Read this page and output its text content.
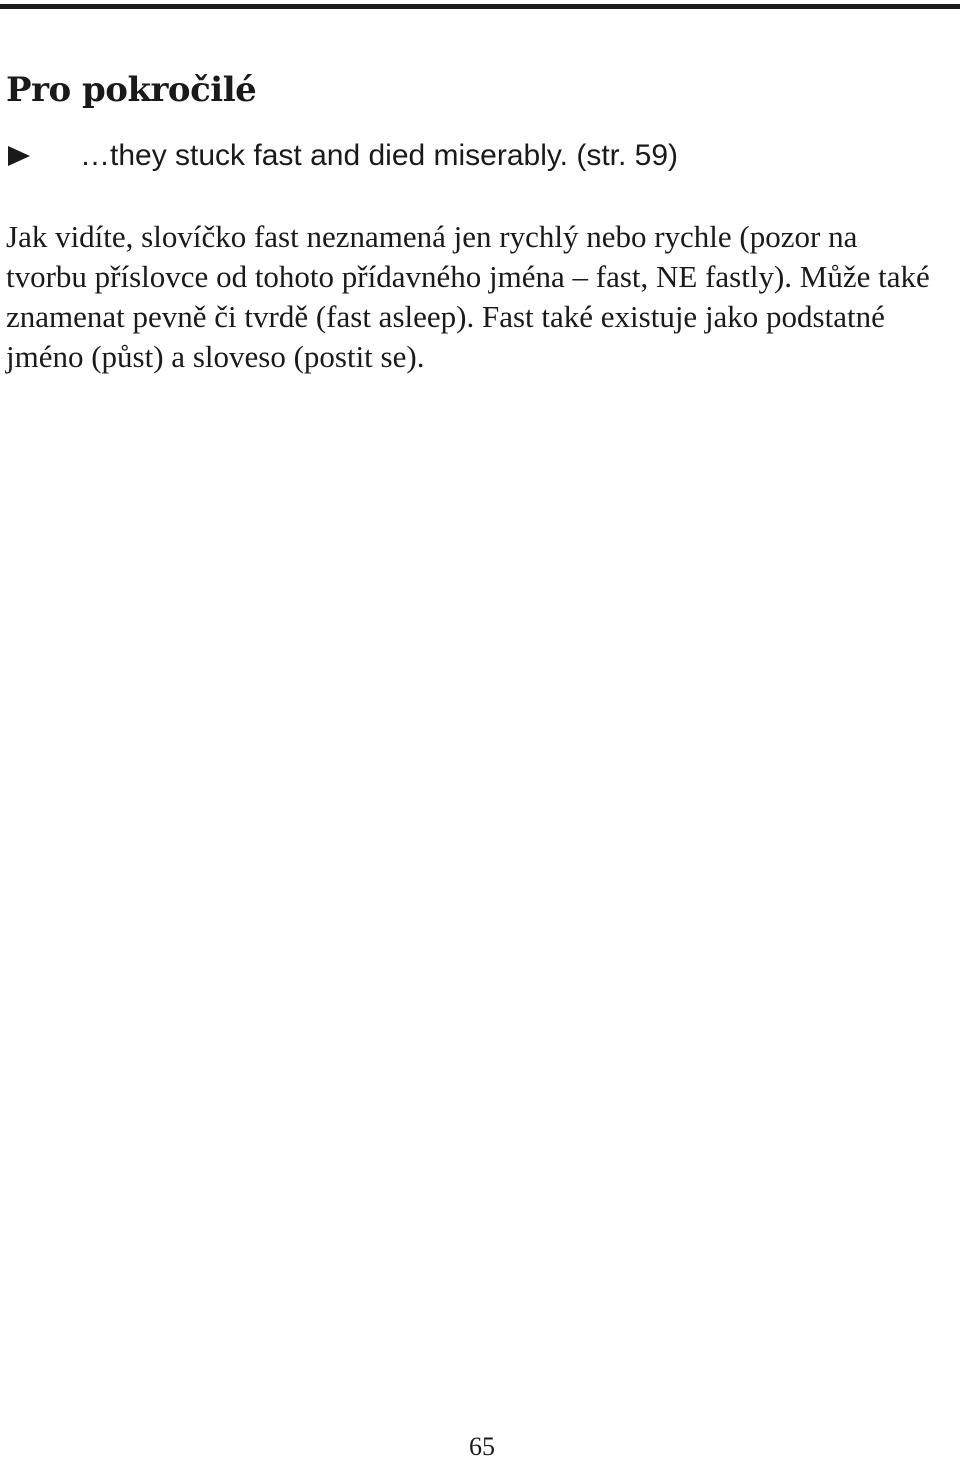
Pro pokročilé
…they stuck fast and died miserably. (str. 59)

Jak vidíte, slovíčko fast neznamená jen rychlý nebo rychle (pozor na tvorbu příslovce od tohoto přídavného jména – fast, NE fastly). Může také znamenat pevně či tvrdě (fast asleep). Fast také existuje jako podstatné jméno (půst) a sloveso (postit se).

65
